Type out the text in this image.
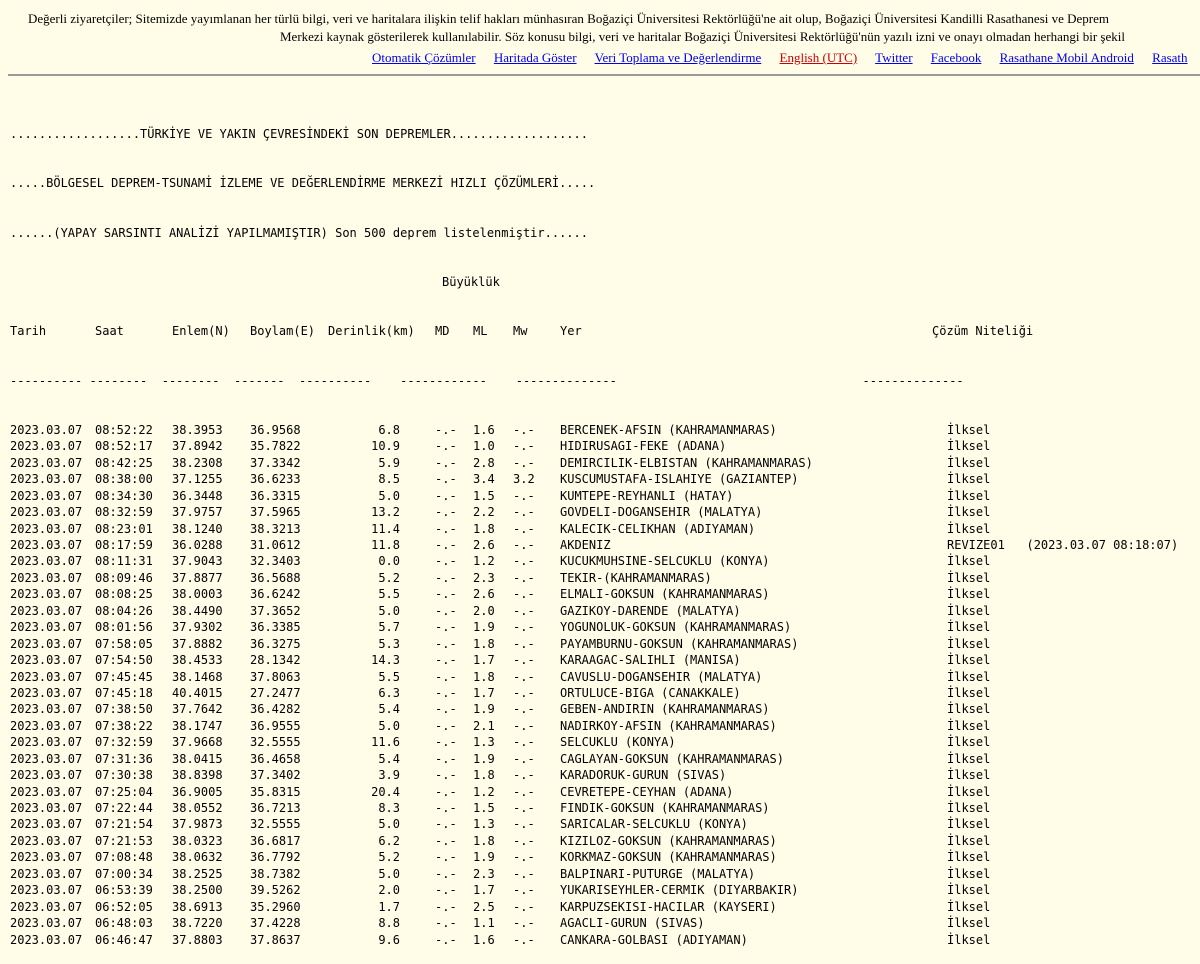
Değerli ziyaretçiler; Sitemizde yayımlanan her türlü bilgi, veri ve haritalara ilişkin telif hakları münhasıran Boğaziçi Üniversitesi Rektörlüğü'ne ait olup, Boğaziçi Üniversitesi Kandilli Rasathanesi ve Deprem
Merkezi kaynak gösterilerek kullanılabilir. Söz konusu bilgi, veri ve haritalar Boğaziçi Üniversitesi Rektörlüğü'nün yazılı izni ve onayı olmadan herhangi bir şekil
Otomatik Çözümler Haritada Göster Veri Toplama ve Değerlendirme English (UTC) Twitter Facebook Rasathane Mobil Android Rasath

..................TÜRKİYE VE YAKIN ÇEVRESİNDEKİ SON DEPREMLER...................

.....BÖLGESEL DEPREM-TSUNAMİ İZLEME VE DEĞERLENDİRME MERKEZİ HIZLI ÇÖZÜMLERİ.....

......(YAPAY SARSINTI ANALİZİ YAPILMAMIŞTIR) Son 500 deprem listelenmiştir......

Büyüklük

Tarih	Saat	Enlem(N) Boylam(E) Derinlik(km) MD ML Mw	Yer	Çözüm Niteliği

---------- --------  --------  -------  ----------    ------------    --------------                                  --------------

2023.03.07 08:52:22 38.3953 36.9568	6.8	-.- 1.6 -.- BERCENEK-AFSIN (KAHRAMANMARAS)	İlksel
2023.03.07 08:52:17 37.8942 35.7822	10.9	-.- 1.0 -.- HIDIRUSAGI-FEKE (ADANA)	İlksel
2023.03.07 08:42:25 38.2308 37.3342	5.9	-.- 2.8 -.- DEMIRCILIK-ELBISTAN (KAHRAMANMARAS)	İlksel
2023.03.07 08:38:00 37.1255 36.6233	8.5	-.- 3.4 3.2 KUSCUMUSTAFA-ISLAHIYE (GAZIANTEP)	İlksel
2023.03.07 08:34:30 36.3448 36.3315	5.0	-.- 1.5 -.- KUMTEPE-REYHANLI (HATAY)	İlksel
2023.03.07 08:32:59 37.9757 37.5965	13.2	-.- 2.2 -.- GOVDELI-DOGANSEHIR (MALATYA)	İlksel
2023.03.07 08:23:01 38.1240 38.3213	11.4	-.- 1.8 -.- KALECIK-CELIKHAN (ADIYAMAN)	İlksel
2023.03.07 08:17:59 36.0288 31.0612	11.8	-.- 2.6 -.- AKDENIZ	REVIZE01   (2023.03.07 08:18:07)
2023.03.07 08:11:31 37.9043 32.3403	0.0	-.- 1.2 -.- KUCUKMUHSINE-SELCUKLU (KONYA)	İlksel
2023.03.07 08:09:46 37.8877 36.5688	5.2	-.- 2.3 -.- TEKIR-(KAHRAMANMARAS)	İlksel
2023.03.07 08:08:25 38.0003 36.6242	5.5	-.- 2.6 -.- ELMALI-GOKSUN (KAHRAMANMARAS)	İlksel
2023.03.07 08:04:26 38.4490 37.3652	5.0	-.- 2.0 -.- GAZIKOY-DARENDE (MALATYA)	İlksel
2023.03.07 08:01:56 37.9302 36.3385	5.7	-.- 1.9 -.- YOGUNOLUK-GOKSUN (KAHRAMANMARAS)	İlksel
2023.03.07 07:58:05 37.8882 36.3275	5.3	-.- 1.8 -.- PAYAMBURNU-GOKSUN (KAHRAMANMARAS)	İlksel
2023.03.07 07:54:50 38.4533 28.1342	14.3	-.- 1.7 -.- KARAAGAC-SALIHLI (MANISA)	İlksel
2023.03.07 07:45:45 38.1468 37.8063	5.5	-.- 1.8 -.- CAVUSLU-DOGANSEHIR (MALATYA)	İlksel
2023.03.07 07:45:18 40.4015 27.2477	6.3	-.- 1.7 -.- ORTULUCE-BIGA (CANAKKALE)	İlksel
2023.03.07 07:38:50 37.7642 36.4282	5.4	-.- 1.9 -.- GEBEN-ANDIRIN (KAHRAMANMARAS)	İlksel
2023.03.07 07:38:22 38.1747 36.9555	5.0	-.- 2.1 -.- NADIRKOY-AFSIN (KAHRAMANMARAS)	İlksel
2023.03.07 07:32:59 37.9668 32.5555	11.6	-.- 1.3 -.- SELCUKLU (KONYA)	İlksel
2023.03.07 07:31:36 38.0415 36.4658	5.4	-.- 1.9 -.- CAGLAYAN-GOKSUN (KAHRAMANMARAS)	İlksel
2023.03.07 07:30:38 38.8398 37.3402	3.9	-.- 1.8 -.- KARADORUK-GURUN (SIVAS)	İlksel
2023.03.07 07:25:04 36.9005 35.8315	20.4	-.- 1.2 -.- CEVRETEPE-CEYHAN (ADANA)	İlksel
2023.03.07 07:22:44 38.0552 36.7213	8.3	-.- 1.5 -.- FINDIK-GOKSUN (KAHRAMANMARAS)	İlksel
2023.03.07 07:21:54 37.9873 32.5555	5.0	-.- 1.3 -.- SARICALAR-SELCUKLU (KONYA)	İlksel
2023.03.07 07:21:53 38.0323 36.6817	6.2	-.- 1.8 -.- KIZILOZ-GOKSUN (KAHRAMANMARAS)	İlksel
2023.03.07 07:08:48 38.0632 36.7792	5.2	-.- 1.9 -.- KORKMAZ-GOKSUN (KAHRAMANMARAS)	İlksel
2023.03.07 07:00:34 38.2525 38.7382	5.0	-.- 2.3 -.- BALPINARI-PUTURGE (MALATYA)	İlksel
2023.03.07 06:53:39 38.2500 39.5262	2.0	-.- 1.7 -.- YUKARISEYHLER-CERMIK (DIYARBAKIR)	İlksel
2023.03.07 06:52:05 38.6913 35.2960	1.7	-.- 2.5 -.- KARPUZSEKISI-HACILAR (KAYSERI)	İlksel
2023.03.07 06:48:03 38.7220 37.4228	8.8	-.- 1.1 -.- AGACLI-GURUN (SIVAS)	İlksel
2023.03.07 06:46:47 37.8803 37.8637	9.6	-.- 1.6 -.- CANKARA-GOLBASI (ADIYAMAN)	İlksel
